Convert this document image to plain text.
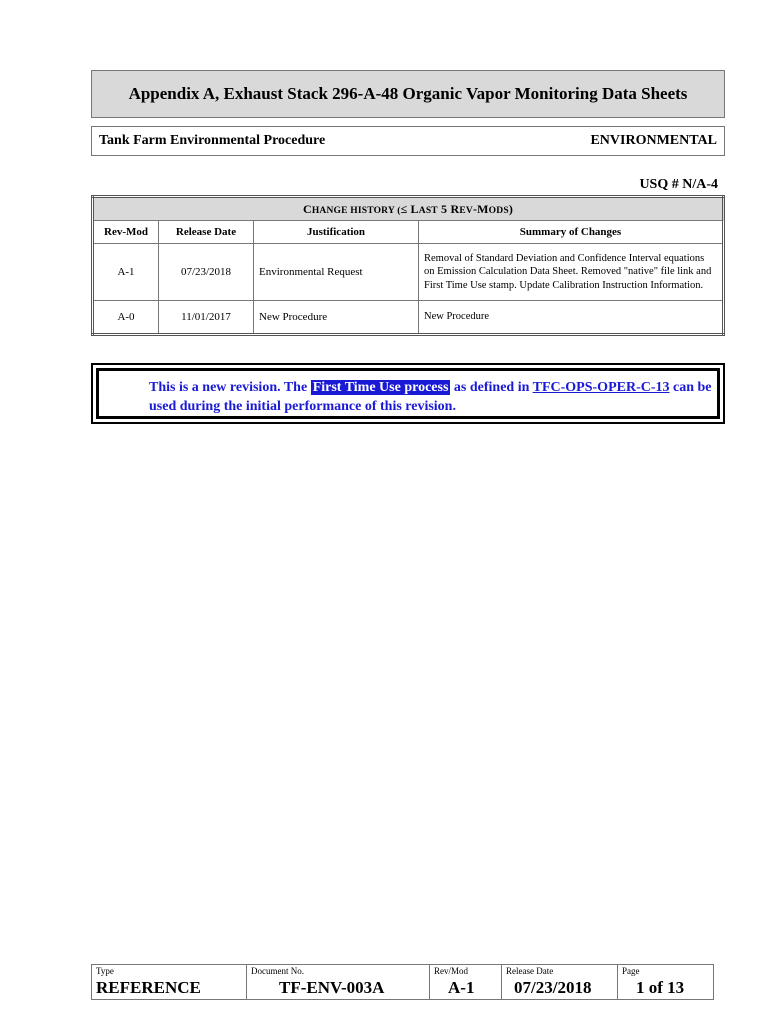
Appendix A, Exhaust Stack 296-A-48 Organic Vapor Monitoring Data Sheets
Tank Farm Environmental Procedure	ENVIRONMENTAL
USQ # N/A-4
CHANGE HISTORY (≤ LAST 5 REV-MODS)			
Rev-Mod	Release Date	Justification	Summary of Changes
A-1	07/23/2018	Environmental Request	Removal of Standard Deviation and Confidence Interval equations on Emission Calculation Data Sheet. Removed "native" file link and First Time Use stamp. Update Calibration Instruction Information.
A-0	11/01/2017	New Procedure	New Procedure
This is a new revision. The First Time Use process as defined in TFC-OPS-OPER-C-13 can be used during the initial performance of this revision.
Type
REFERENCE
Document No.
TF-ENV-003A
Rev/Mod
A-1
Release Date
07/23/2018
Page
1 of 13
